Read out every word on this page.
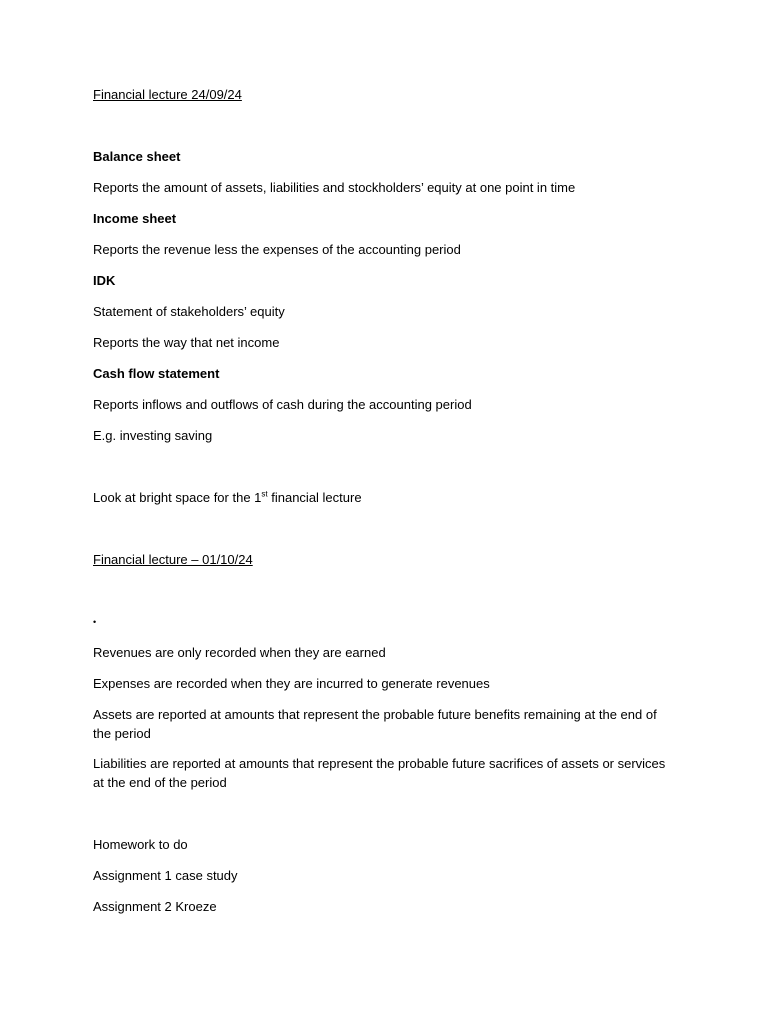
Financial lecture 24/09/24

Balance sheet

Reports the amount of assets, liabilities and stockholders’ equity at one point in time

Income sheet

Reports the revenue less the expenses of the accounting period

IDK

Statement of stakeholders’ equity

Reports the way that net income

Cash flow statement

Reports inflows and outflows of cash during the accounting period

E.g. investing saving

Look at bright space for the 1st financial lecture

Financial lecture – 01/10/24

•

Revenues are only recorded when they are earned

Expenses are recorded when they are incurred to generate revenues

Assets are reported at amounts that represent the probable future benefits remaining at the end of the period

Liabilities are reported at amounts that represent the probable future sacrifices of assets or services at the end of the period

Homework to do

Assignment 1 case study

Assignment 2 Kroeze
